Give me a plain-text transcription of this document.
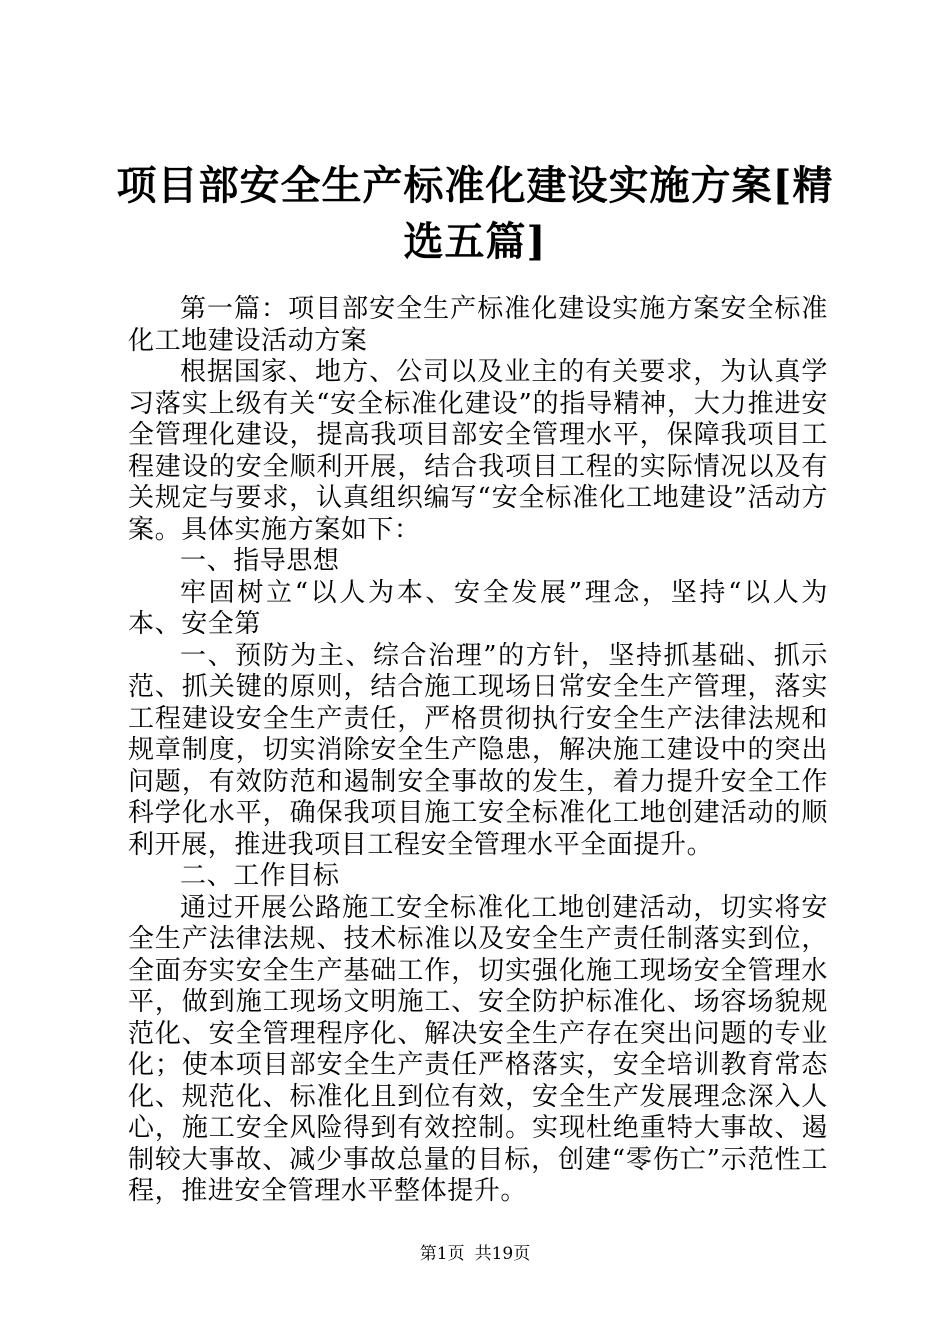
项目部安全生产标准化建设实施方案[精选五篇]

第一篇：项目部安全生产标准化建设实施方案安全标准化工地建设活动方案

根据国家、地方、公司以及业主的有关要求，为认真学习落实上级有关“安全标准化建设”的指导精神，大力推进安全管理化建设，提高我项目部安全管理水平，保障我项目工程建设的安全顺利开展，结合我项目工程的实际情况以及有关规定与要求，认真组织编写“安全标准化工地建设”活动方案。具体实施方案如下：

一、指导思想

牢固树立“以人为本、安全发展”理念，坚持“以人为本、安全第

一、预防为主、综合治理”的方针，坚持抓基础、抓示范、抓关键的原则，结合施工现场日常安全生产管理，落实工程建设安全生产责任，严格贯彻执行安全生产法律法规和规章制度，切实消除安全生产隐患，解决施工建设中的突出问题，有效防范和遏制安全事故的发生，着力提升安全工作科学化水平，确保我项目施工安全标准化工地创建活动的顺利开展，推进我项目工程安全管理水平全面提升。

二、工作目标

通过开展公路施工安全标准化工地创建活动，切实将安全生产法律法规、技术标准以及安全生产责任制落实到位，全面夯实安全生产基础工作，切实强化施工现场安全管理水平，做到施工现场文明施工、安全防护标准化、场容场貌规范化、安全管理程序化、解决安全生产存在突出问题的专业化；使本项目部安全生产责任严格落实，安全培训教育常态化、规范化、标准化且到位有效，安全生产发展理念深入人心，施工安全风险得到有效控制。实现杜绝重特大事故、遏制较大事故、减少事故总量的目标，创建“零伤亡”示范性工程，推进安全管理水平整体提升。

第1页 共19页
